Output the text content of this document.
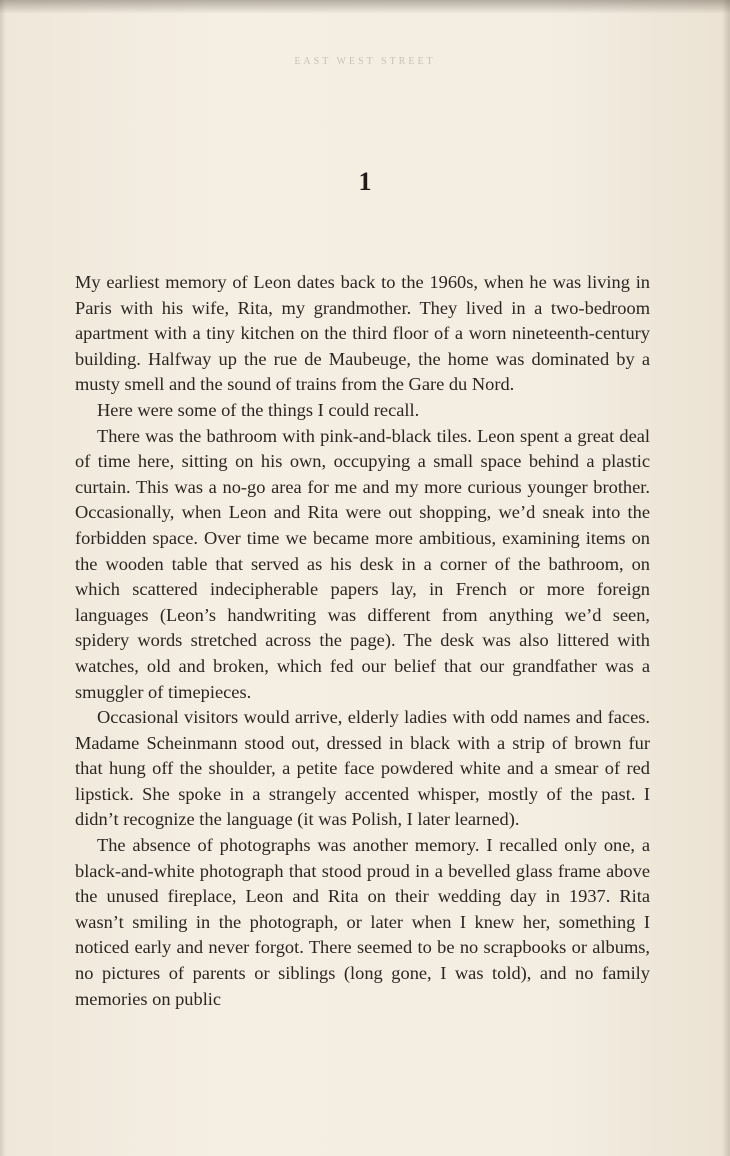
EAST WEST STREET
1

My earliest memory of Leon dates back to the 1960s, when he was living in Paris with his wife, Rita, my grandmother. They lived in a two-bedroom apartment with a tiny kitchen on the third floor of a worn nineteenth-century building. Halfway up the rue de Maubeuge, the home was dominated by a musty smell and the sound of trains from the Gare du Nord.

Here were some of the things I could recall.

There was the bathroom with pink-and-black tiles. Leon spent a great deal of time here, sitting on his own, occupying a small space behind a plastic curtain. This was a no-go area for me and my more curious younger brother. Occasionally, when Leon and Rita were out shopping, we’d sneak into the forbidden space. Over time we became more ambitious, examining items on the wooden table that served as his desk in a corner of the bathroom, on which scattered indecipherable papers lay, in French or more foreign languages (Leon’s handwriting was different from anything we’d seen, spidery words stretched across the page). The desk was also littered with watches, old and broken, which fed our belief that our grandfather was a smuggler of timepieces.

Occasional visitors would arrive, elderly ladies with odd names and faces. Madame Scheinmann stood out, dressed in black with a strip of brown fur that hung off the shoulder, a petite face powdered white and a smear of red lipstick. She spoke in a strangely accented whisper, mostly of the past. I didn’t recognize the language (it was Polish, I later learned).

The absence of photographs was another memory. I recalled only one, a black-and-white photograph that stood proud in a bevelled glass frame above the unused fireplace, Leon and Rita on their wedding day in 1937. Rita wasn’t smiling in the photograph, or later when I knew her, something I noticed early and never forgot. There seemed to be no scrapbooks or albums, no pictures of parents or siblings (long gone, I was told), and no family memories on public
